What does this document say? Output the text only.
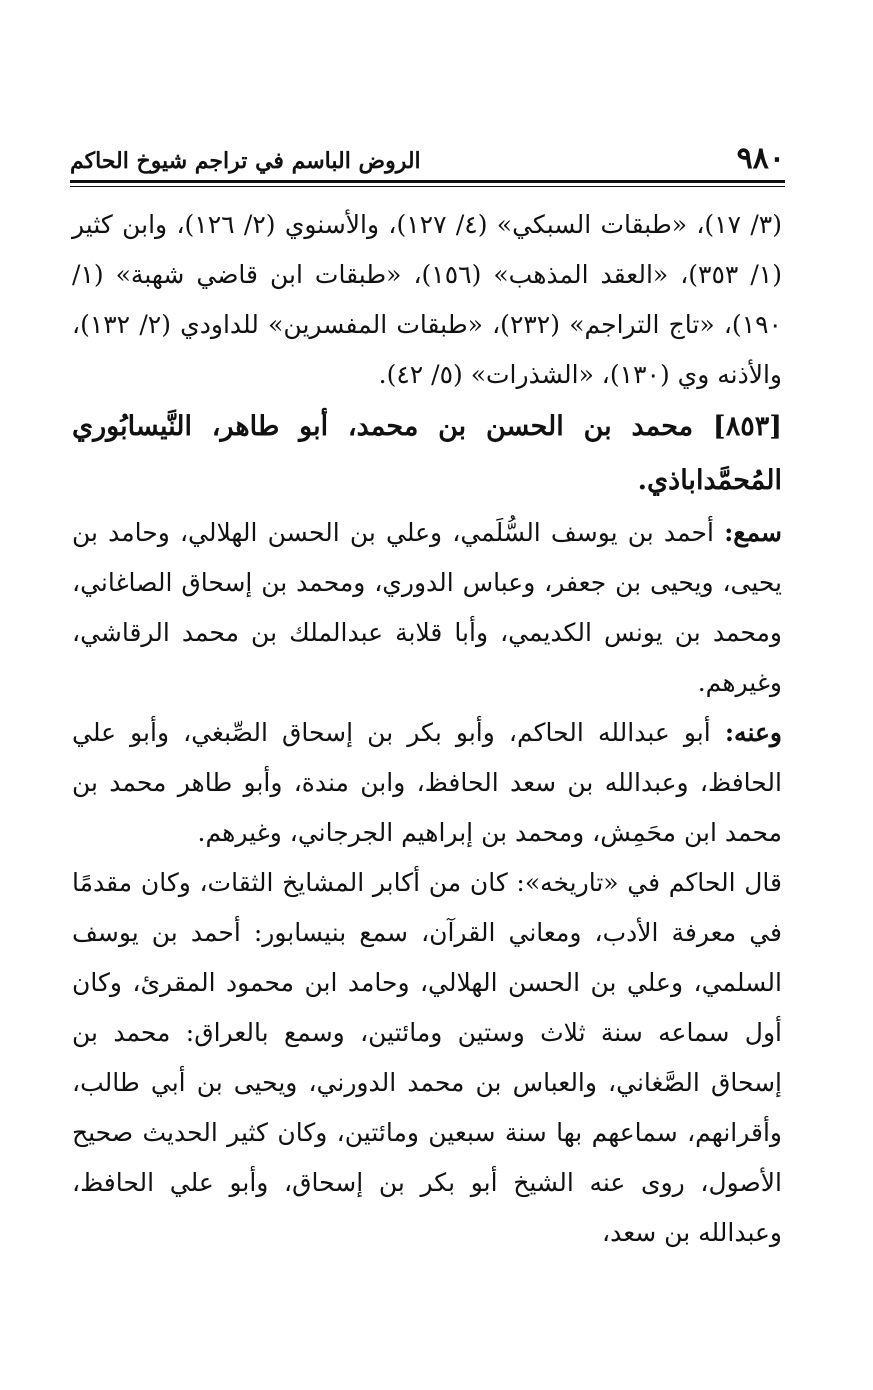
٩٨٠
الروض الباسم في تراجم شيوخ الحاكم

(٣/ ١٧)، «طبقات السبكي» (٤/ ١٢٧)، والأسنوي (٢/ ١٢٦)، وابن كثير (١/ ٣٥٣)، «العقد المذهب» (١٥٦)، «طبقات ابن قاضي شهبة» (١/ ١٩٠)، «تاج التراجم» (٢٣٢)، «طبقات المفسرين» للداودي (٢/ ١٣٢)، والأذنه وي (١٣٠)، «الشذرات» (٥/ ٤٢).

[٨٥٣] محمد بن الحسن بن محمد، أبو طاهر، النَّيسابُوري المُحمَّداباذي.

سمع: أحمد بن يوسف السُّلَمي، وعلي بن الحسن الهلالي، وحامد بن يحيى، ويحيى بن جعفر، وعباس الدوري، ومحمد بن إسحاق الصاغاني، ومحمد بن يونس الكديمي، وأبا قلابة عبدالملك بن محمد الرقاشي، وغيرهم.

وعنه: أبو عبدالله الحاكم، وأبو بكر بن إسحاق الصِّبغي، وأبو علي الحافظ، وعبدالله بن سعد الحافظ، وابن مندة، وأبو طاهر محمد بن محمد ابن محَمِش، ومحمد بن إبراهيم الجرجاني، وغيرهم.

قال الحاكم في «تاريخه»: كان من أكابر المشايخ الثقات، وكان مقدمًا في معرفة الأدب، ومعاني القرآن، سمع بنيسابور: أحمد بن يوسف السلمي، وعلي بن الحسن الهلالي، وحامد ابن محمود المقرئ، وكان أول سماعه سنة ثلاث وستين ومائتين، وسمع بالعراق: محمد بن إسحاق الصَّغاني، والعباس بن محمد الدورني، ويحيى بن أبي طالب، وأقرانهم، سماعهم بها سنة سبعين ومائتين، وكان كثير الحديث صحيح الأصول، روى عنه الشيخ أبو بكر بن إسحاق، وأبو علي الحافظ، وعبدالله بن سعد،
